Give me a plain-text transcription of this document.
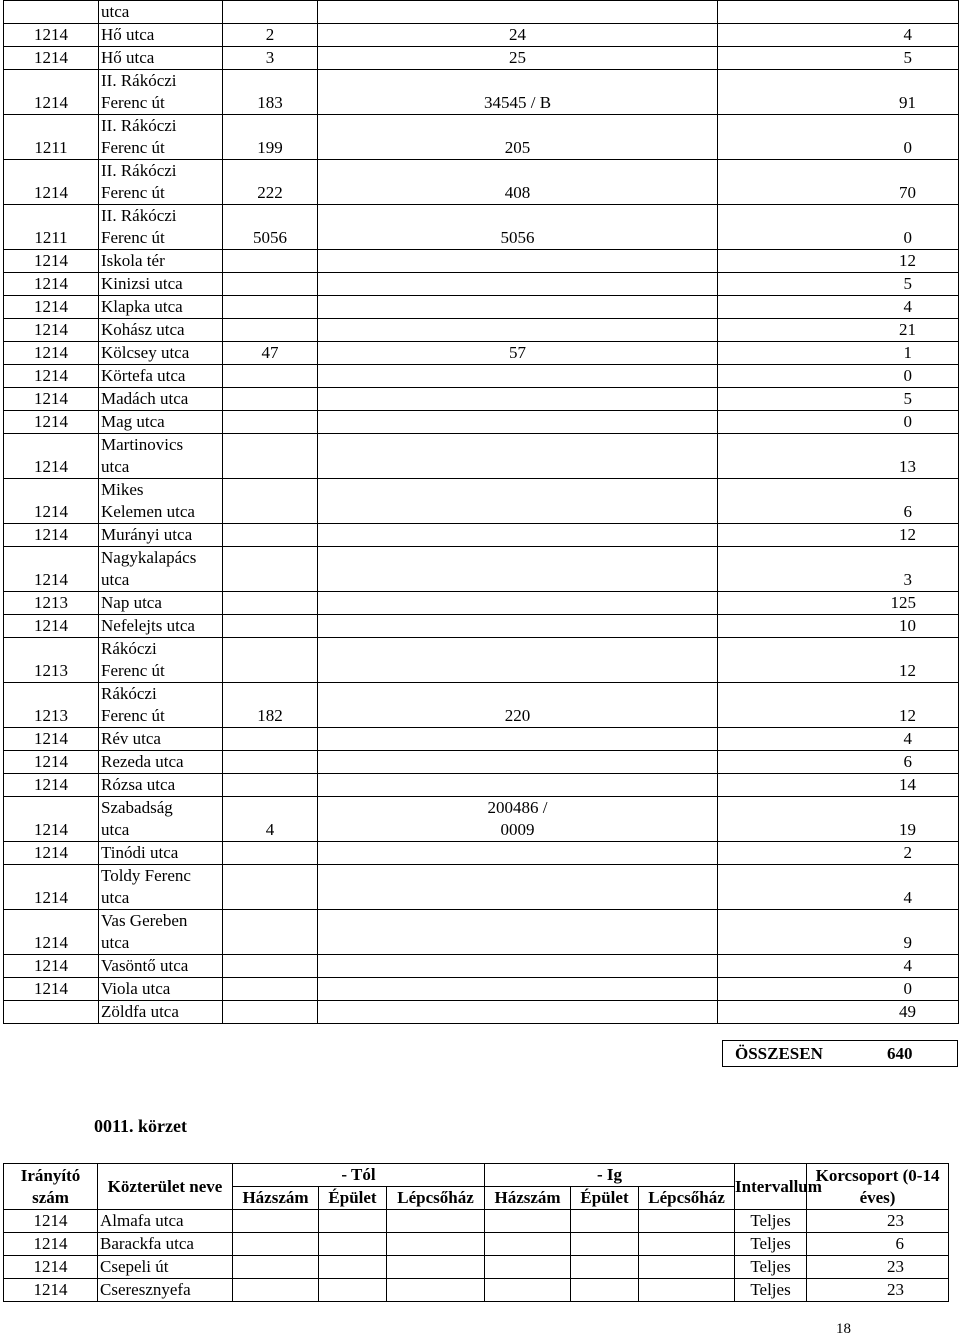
	utca			

1214	Hő utca	2	24	4
1214	Hő utca	3	25	5
1214	II. Rákóczi
Ferenc út	183	34545 / B	91
1211	II. Rákóczi
Ferenc út	199	205	0
1214	II. Rákóczi
Ferenc út	222	408	70
1211	II. Rákóczi
Ferenc út	5056	5056	0
1214	Iskola tér			12
1214	Kinizsi utca			5
1214	Klapka utca			4
1214	Kohász utca			21
1214	Kölcsey utca	47	57	1
1214	Körtefa utca			0
1214	Madách utca			5
1214	Mag utca			0
1214	Martinovics
utca			13
1214	Mikes
Kelemen utca			6
1214	Murányi utca			12
1214	Nagykalapács
utca			3
1213	Nap utca			125
1214	Nefelejts utca			10
1213	Rákóczi
Ferenc út			12
1213	Rákóczi
Ferenc út	182	220	12
1214	Rév utca			4
1214	Rezeda utca			6
1214	Rózsa utca			14
1214	Szabadság
utca	4	200486 / 0009	19
1214	Tinódi utca			2
1214	Toldy Ferenc
utca			4
1214	Vas Gereben
utca			9
1214	Vasöntő utca			4
1214	Viola utca			0

	Zöldfa utca			49
ÖSSZESEN	640
0011. körzet
Irányító szám	Közterület neve	- Tól			- Ig			Intervallum	Korcsoport (0-14 éves)
		Házszám	Épület	Lépcsőház	Házszám	Épület	Lépcsőház		
1214	Almafa utca							Teljes	23
1214	Barackfa utca							Teljes	6
1214	Csepeli út							Teljes	23
1214	Cseresznyefa							Teljes	23
18
